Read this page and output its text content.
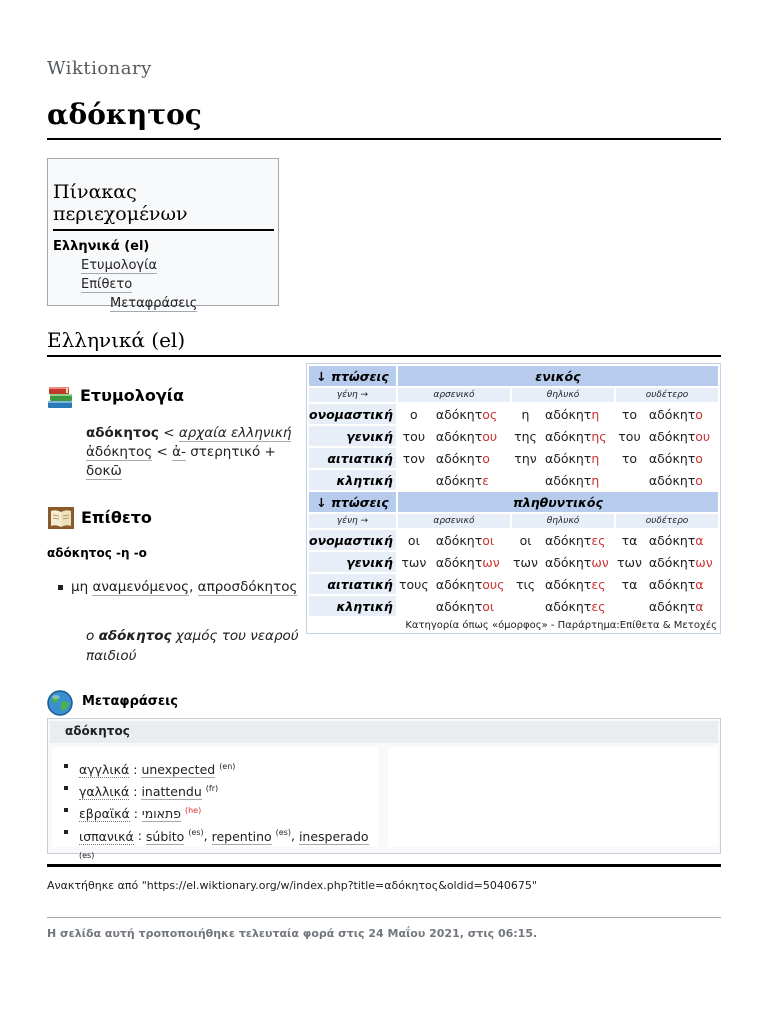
Wiktionary
αδόκητος
Πίνακας περιεχομένων
Ελληνικά (el)
Ετυμολογία
Επίθετο
Μεταφράσεις
Ελληνικά (el)
Ετυμολογία
αδόκητος < αρχαία ελληνική ἀδόκητος < ἀ- στερητικό + δοκῶ
Επίθετο
αδόκητος -η -ο
μη αναμενόμενος, απροσδόκητος
ο αδόκητος χαμός του νεαρού παιδιού
↓ πτώσεις	ενικός					
γένη →	αρσενικό		θηλυκό		ουδέτερο	
ονομαστική	ο	αδόκητος	η	αδόκητη	το	αδόκητο
γενική	του	αδόκητου	της	αδόκητης	του	αδόκητου
αιτιατική	τον	αδόκητο	την	αδόκητη	το	αδόκητο
κλητική		αδόκητε		αδόκητη		αδόκητο
↓ πτώσεις	πληθυντικός					
γένη →	αρσενικό		θηλυκό		ουδέτερο	
ονομαστική	οι	αδόκητοι	οι	αδόκητες	τα	αδόκητα
γενική	των	αδόκητων	των	αδόκητων	των	αδόκητων
αιτιατική	τους	αδόκητους	τις	αδόκητες	τα	αδόκητα
κλητική		αδόκητοι		αδόκητες		αδόκητα
Κατηγορία όπως «όμορφος» - Παράρτημα:Επίθετα & Μετοχές
Μεταφράσεις
αδόκητος
αγγλικά : unexpected $^{(en)}$
γαλλικά : inattendu $^{(fr)}$
εβραϊκά : פתאומי $^{(he)}$
ισπανικά : súbito $^{(es)}$, repentino $^{(es)}$, inesperado
$^{(es)}$
Ανακτήθηκε από "https://el.wiktionary.org/w/index.php?title=αδόκητος&oldid=5040675"
Η σελίδα αυτή τροποποιήθηκε τελευταία φορά στις 24 Μαΐου 2021, στις 06:15.
